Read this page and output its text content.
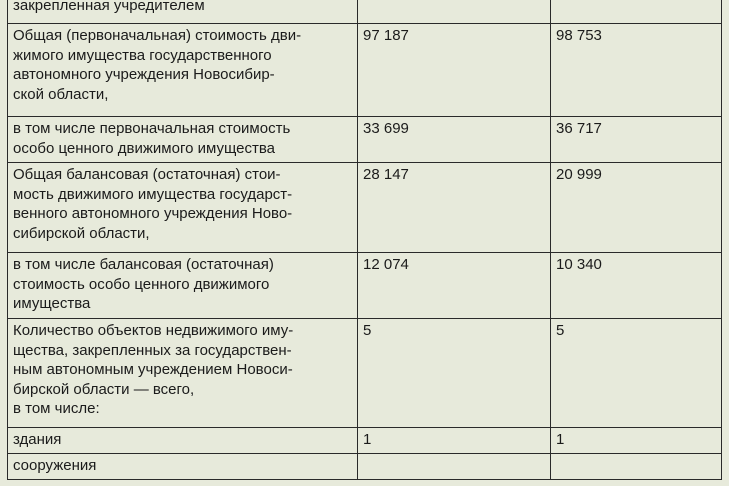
закрепленная учредителем		
Общая (первоначальная) стоимость дви-
жимого имущества государственного
автономного учреждения Новосибир-
ской области,	97 187	98 753
в том числе первоначальная стоимость
особо ценного движимого имущества	33 699	36 717
Общая балансовая (остаточная) стои-
мость движимого имущества государст-
венного автономного учреждения Ново-
сибирской области,	28 147	20 999
в том числе балансовая (остаточная)
стоимость особо ценного движимого
имущества	12 074	10 340
Количество объектов недвижимого иму-
щества, закрепленных за государствен-
ным автономным учреждением Новоси-
бирской области — всего,
в том числе:	5	5
здания	1	1
сооружения		
